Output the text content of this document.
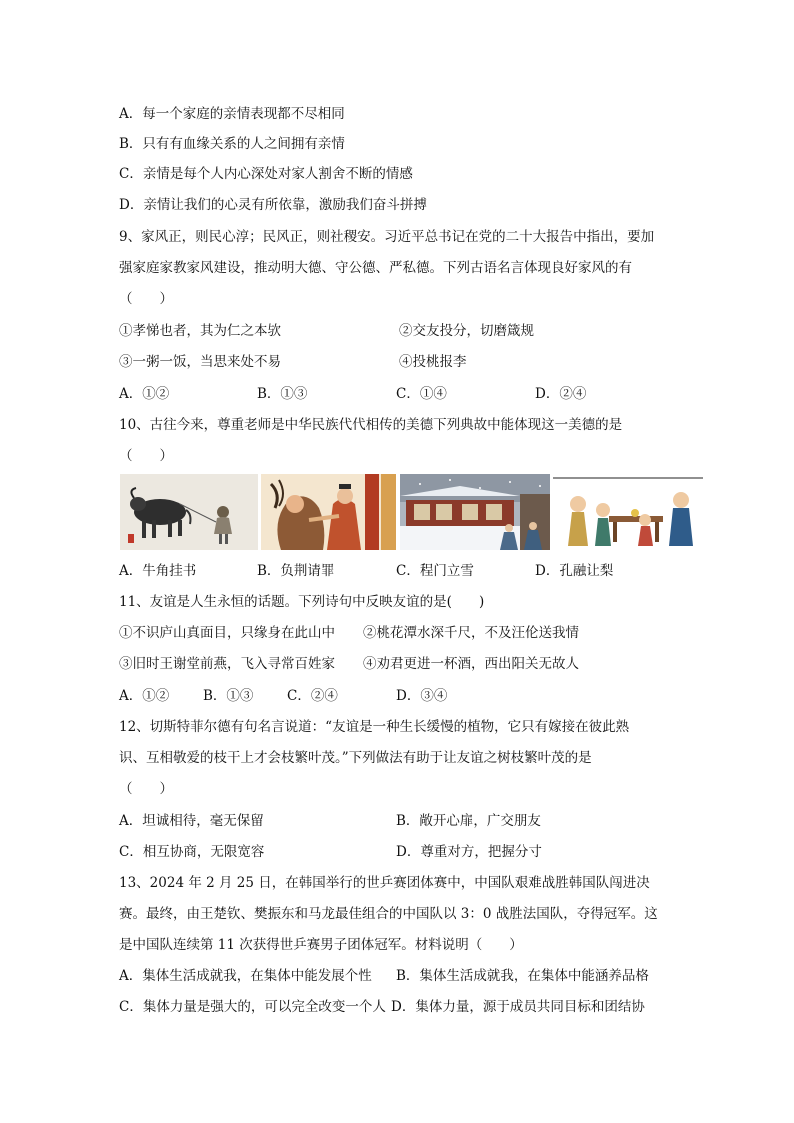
A．每一个家庭的亲情表现都不尽相同
B．只有有血缘关系的人之间拥有亲情
C．亲情是每个人内心深处对家人割舍不断的情感
D．亲情让我们的心灵有所依靠，激励我们奋斗拼搏
9、家风正，则民心淳；民风正，则社稷安。习近平总书记在党的二十大报告中指出，要加
强家庭家教家风建设，推动明大德、守公德、严私德。下列古语名言体现良好家风的有
（　　）
①孝悌也者，其为仁之本欤	②交友投分，切磨箴规
③一粥一饭，当思来处不易	④投桃报李
A．①②	B．①③	C．①④	D．②④
10、古往今来，尊重老师是中华民族代代相传的美德下列典故中能体现这一美德的是
（　　）
A．牛角挂书	B．负荆请罪	C．程门立雪	D．孔融让梨
11、友谊是人生永恒的话题。下列诗句中反映友谊的是(　　)
①不识庐山真面目，只缘身在此山中 ②桃花潭水深千尺，不及汪伦送我情
③旧时王谢堂前燕，飞入寻常百姓家 ④劝君更进一杯酒，西出阳关无故人
A．①②	B．①③ C．②④	D．③④
12、切斯特菲尔德有句名言说道：“友谊是一种生长缓慢的植物，它只有嫁接在彼此熟
识、互相敬爱的枝干上才会枝繁叶茂。”下列做法有助于让友谊之树枝繁叶茂的是
（　　）
A．坦诚相待，毫无保留	B．敞开心扉，广交朋友
C．相互协商，无限宽容	D．尊重对方，把握分寸
13、2024 年 2 月 25 日，在韩国举行的世乒赛团体赛中，中国队艰难战胜韩国队闯进决
赛。最终，由王楚钦、樊振东和马龙最佳组合的中国队以 3：0 战胜法国队，夺得冠军。这
是中国队连续第 11 次获得世乒赛男子团体冠军。材料说明（　　）
A．集体生活成就我，在集体中能发展个性 B．集体生活成就我，在集体中能涵养品格
C．集体力量是强大的，可以完全改变一个人 D．集体力量，源于成员共同目标和团结协
